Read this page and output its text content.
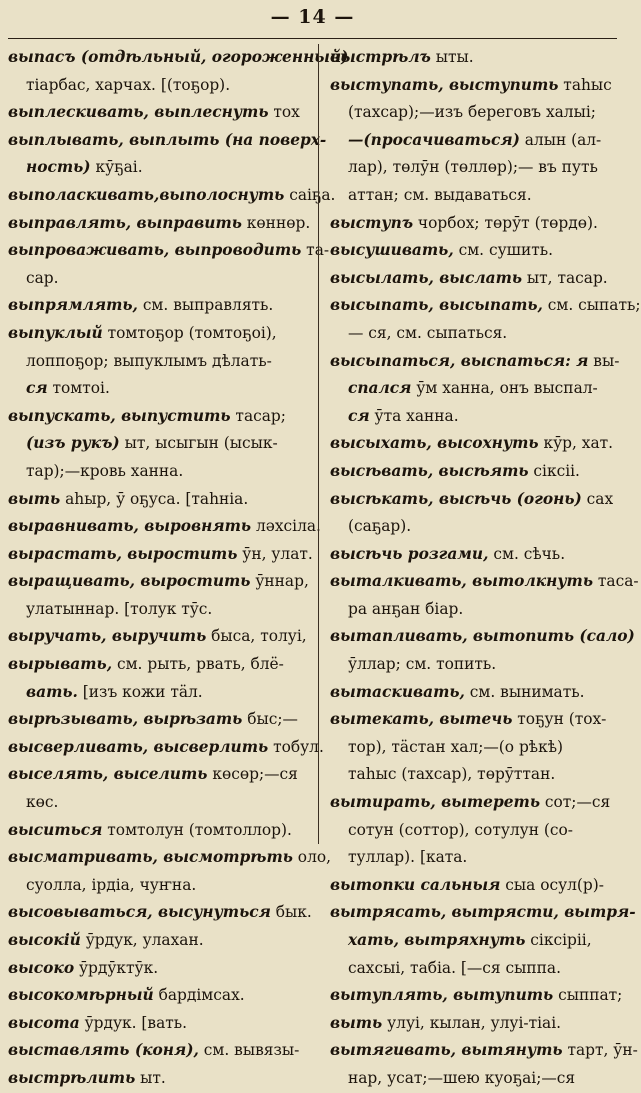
— 14 —
выпасъ (отдѣльный, огороженный)
тіарбас, харчах. [(тоҕор).
выплескивать, выплеснуть тох
выплывать, выплыть (на поверх-
ность) кӯҕаі.
выполаскивать,выполоснуть саіҕа.
выправлять, выправить көннөр.
выпроваживать, выпроводить та-
сар.
выпрямлять, см. выправлять.
выпуклый томтоҕор (томтоҕоі),
лоппоҕор; выпуклымъ дѣлать-
ся томтоі.
выпускать, выпустить тасар;
(изъ рукъ) ыт, ысыгын (ысык-
тар);—кровь ханна.
выть аһыр, ӯ оҕуса. [таһніа.
выравнивать, выровнять ләхсіла.
вырастать, выростить ӯн, улат.
выращивать, выростить ӯннар,
улатыннар. [толук тӯс.
выручать, выручить быса, толуі,
вырывать, см. рыть, рвать, блё-
вать. [изъ кожи тӓл.
вырѣзывать, вырѣзать быс;—
высверливать, высверлить тобул.
выселять, выселить көсөр;—ся
көс.
выситься томтолун (томтоллор).
высматривать, высмотрѣть оло,
суолла, ірдіа, чуҥна.
высовываться, высунуться бык.
высокій ӯрдук, улахан.
высоко ӯрдӯктӯк.
высокомѣрный бардімсах.
высота ӯрдук. [вать.
выставлять (коня), см. вывязы-
выстрѣлить ыт.
выстрѣлъ ыты.
выступать, выступить таһыс
(тахсар);—изъ береговъ халыі;
—(просачиваться) алын (ал-
лар), төлӯн (төллөр);— въ путь
аттан; см. выдаваться.
выступъ чорбох; төрӯт (төрдө).
высушивать, см. сушить.
высылать, выслать ыт, тасар.
высыпать, высыпать, см. сыпать;
— ся, см. сыпаться.
высыпаться, выспаться: я вы-
спался ӯм ханна, онъ выспал-
ся ӯта ханна.
высыхать, высохнуть кӯр, хат.
высѣвать, высѣять сіксіі.
высѣкать, высѣчь (огонь) сах
(саҕар).
высѣчь розгами, см. сѣчь.
выталкивать, вытолкнуть таса-
ра анҕан біар.
вытапливать, вытопить (сало)
ӯллар; см. топить.
вытаскивать, см. вынимать.
вытекать, вытечь тоҕун (тох-
тор), тӓстан хал;—(о рѣкѣ)
таһыс (тахсар), төрӯттан.
вытирать, вытереть сот;—ся
сотун (соттор), сотулун (со-
туллар). [ката.
вытопки сальныя сыа осул(р)-
вытрясать, вытрясти, вытря-
хать, вытряхнуть сіксіріі,
сахсыі, табіа. [—ся сыппа.
вытуплять, вытупить сыппат;
выть улуі, кылан, улуі-тіаі.
вытягивать, вытянуть тарт, ӯн-
нар, усат;—шею куоҕаі;—ся
